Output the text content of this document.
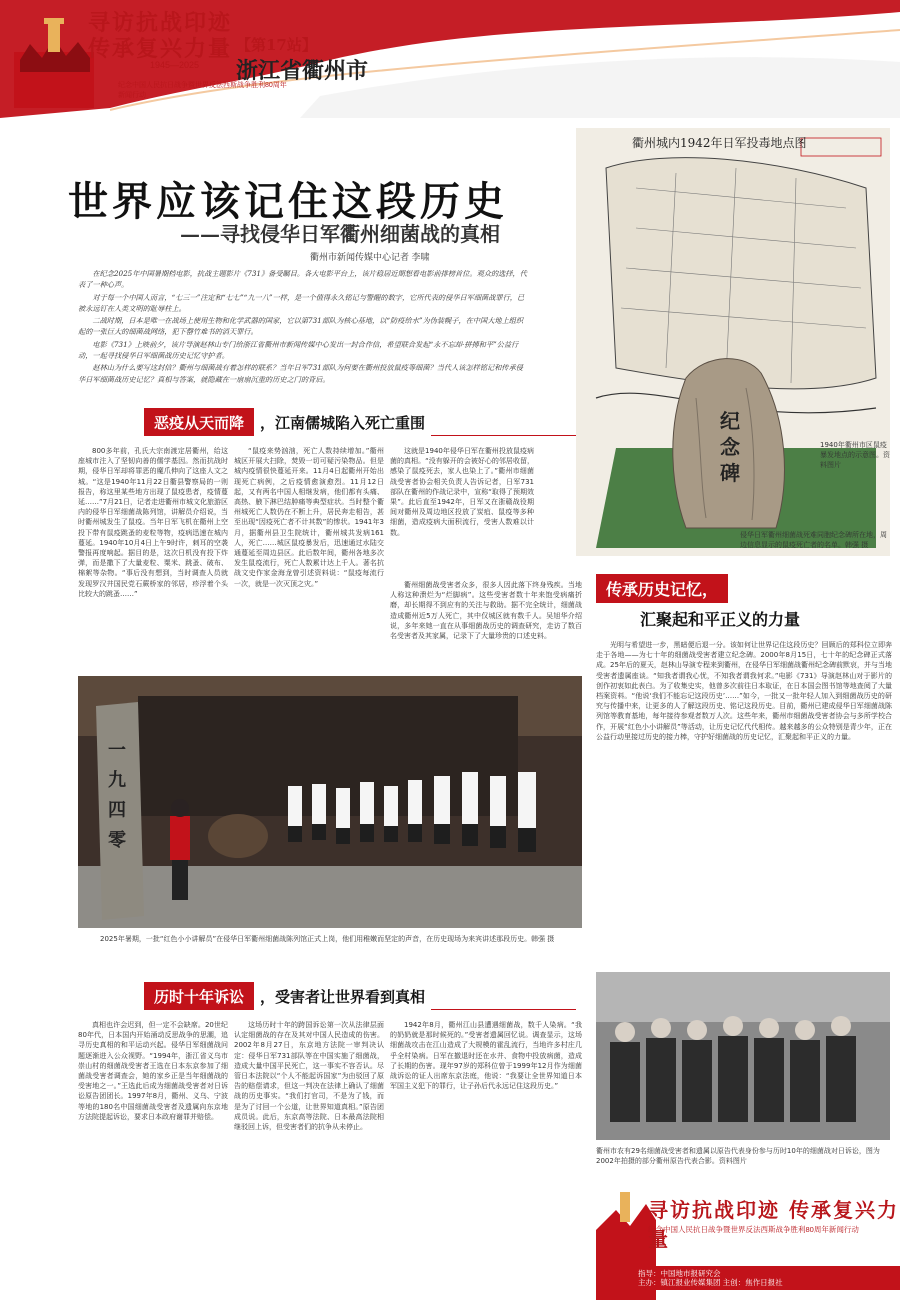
寻访抗战印迹
传承复兴力量
1945—2025
纪念中国人民抗日战争暨世界反法西斯战争胜利80周年新闻行动
【第17站】
浙江省衢州市
世界应该记住这段历史
——寻找侵华日军衢州细菌战的真相
衢州市新闻传媒中心记者 李啸

在纪念2025年中国暑期档电影，抗战主题影片《731》备受瞩目。各大电影平台上，该片稳居近期想看电影前排榜首位。观众的选择，代表了一种心声。

对于每一个中国人而言，“七三一”注定和“七七”“九一八”一样，是一个值得永久铭记与警醒的数字，它所代表的侵华日军细菌战罪行，已被永远钉在人类文明的耻辱柱上。

二战时期，日本是唯一在战场上使用生物和化学武器的国家，它以第731部队为核心基地，以“防疫给水”为伪装幌子，在中国大地上组织起的一张巨大的细菌战网络，犯下罄竹难书的滔天罪行。

电影《731》上映前夕，该片导演赵林山专门给浙江省衢州市新闻传媒中心发出一封合作信，希望联合发起“永不忘却·拼搏和平”公益行动，一起寻找侵华日军细菌战历史记忆守护者。

赵林山为什么要写这封信？衢州与细菌战有着怎样的联系？当年日军731部队为何要在衢州投放鼠疫等细菌？当代人该怎样铭记和传承侵华日军细菌战历史记忆？真相与答案，就隐藏在一扇扇沉重的历史之门的背后。

衢州城内1942年日军投毒地点图
纪念碑
1940年衢州市区鼠疫暴发地点的示意图。资料图片
侵华日军衢州细菌战死难同胞纪念碑所在地，周边信息显示的鼠疫死亡者的名单。韩强 摄
恶疫从天而降	，江南儒城陷入死亡重围

800多年前，孔氏大宗南渡定居衢州，给这座城市注入了坚韧向善的儒学基因。然而抗战时期，侵华日军却将罪恶的魔爪伸向了这座人文之城。“这是1940年11月22日衢县警察局的一则报告，称这里某些地方出现了鼠疫患者，疫情蔓延……”7月21日，记者走进衢州市城文化旅游区内的侵华日军细菌战陈列馆，讲解员介绍说，当时衢州城发生了鼠疫。当年日军飞机在衢州上空投下带有鼠疫跳蚤的麦粒等物，疫病迅速在城内蔓延。1940年10月4日上午9时许，刺耳的空袭警报再度响起。据目的是，这次日机没有投下炸弹，而是撒下了大量麦粒、粟米、跳蚤、破布、棉絮等杂物。“事后没有想到，当时调查人员就发现罗汉井国民党石蕨桥家的邻居，疹浮着个头比较大的跳蚤……”

“鼠疫来势汹汹，死亡人数持续增加。”衢州城区开展大扫除，焚毁一切可疑污染物品。但是城内疫情很快蔓延开来。11月4日起衢州开始出现死亡病例，之后疫情愈演愈烈。11月12日起，又有两名中国人相继发病，他们都有头痛、高热、腋下淋巴结肿痛等典型症状。当时整个衢州城死亡人数仍在不断上升，居民奔走相告，甚至出现“因疫死亡者不计其数”的惨状。1941年3月，据衢州县卫生院统计，衢州城共发病161人，死亡……城区鼠疫暴发后，迅速通过水陆交通蔓延至周边县区。此后数年间，衢州各地多次发生鼠疫流行，死亡人数累计达上千人。著名抗战文史作家金海龙曾引述资料说：“鼠疫每流行一次，就是一次灭顶之灾。”

这就是1940年侵华日军在衢州投放鼠疫病菌的真相。“没有躲开的会被好心的邻居收留，感染了鼠疫死去，家人也染上了。”衢州市细菌战受害者协会相关负责人告诉记者，日军731部队在衢州的作战记录中，宣称“取得了预期效果”。此后直至1942年，日军又在浙赣战役期间对衢州及周边地区投放了炭疽、鼠疫等多种细菌，造成疫病大面积流行，受害人数难以计数。

衢州细菌战受害者众多，很多人因此落下终身残疾。当地人称这种溃烂为“烂脚病”。这些受害者数十年来饱受病痛折磨，却长期得不到应有的关注与救助。据不完全统计，细菌战造成衢州近5万人死亡，其中仅城区就有数千人。吴旭华介绍说，多年来她一直在从事细菌战历史的调查研究，走访了数百名受害者及其家属，记录下了大量珍贵的口述史料。

传承历史记忆，
汇聚起和平正义的力量

光明与希望进一步，黑暗便后退一分。该如何让世界记住这段历史？回顾后的郑科位立即奔走于各地——为七十年的细菌战受害者建立纪念碑。2000年8月15日，七十年的纪念碑正式落成。25年后的夏天，赵林山导演专程来到衢州，在侵华日军细菌战衢州纪念碑前默哀，并与当地受害者遗属座谈。“知我者谓我心忧，不知我者谓我何求。”电影《731》导演赵林山对于影片的创作初衷如此表白。为了收集史实，他曾多次前往日本取证，在日本国会图书馆等地查阅了大量档案资料。“他说‘我们不能忘记这段历史’……”如今，一批又一批年轻人加入到细菌战历史的研究与传播中来，让更多的人了解这段历史、铭记这段历史。目前，衢州已建成侵华日军细菌战陈列馆等教育基地，每年接待参观者数万人次。这些年来，衢州市细菌战受害者协会与多所学校合作，开展“红色小小讲解员”等活动，让历史记忆代代相传。越来越多的公众特别是青少年，正在公益行动里接过历史的接力棒，守护好细菌战的历史记忆，汇聚起和平正义的力量。

一九四零
2025年暑期，一批“红色小小讲解员”在侵华日军衢州细菌战陈列馆正式上岗，他们用稚嫩而坚定的声音，在历史现场为来宾讲述那段历史。韩强 摄
历时十年诉讼	，受害者让世界看到真相

真相也许会迟到，但一定不会缺席。20世纪80年代，日本国内开始涌动反思战争的思潮，追寻历史真相的和平运动兴起。侵华日军细菌战问题逐渐进入公众视野。“1994年，浙江省义乌市崇山村的细菌战受害者王选在日本东京参加了细菌战受害者调查会，她的家乡正是当年细菌战的受害地之一。”王选此后成为细菌战受害者对日诉讼原告团团长。1997年8月，衢州、义乌、宁波等地的180名中国细菌战受害者及遗属向东京地方法院提起诉讼，要求日本政府谢罪并赔偿。

这场历时十年的跨国诉讼第一次从法律层面认定细菌战的存在及其对中国人民造成的伤害。2002年8月27日，东京地方法院一审判决认定：侵华日军731部队等在中国实施了细菌战，造成大量中国平民死亡，这一事实不容否认。尽管日本法院以“个人不能起诉国家”为由驳回了原告的赔偿请求，但这一判决在法律上确认了细菌战的历史事实。“我们打官司，不是为了钱，而是为了讨回一个公道，让世界知道真相。”原告团成员说。此后，东京高等法院、日本最高法院相继驳回上诉，但受害者们的抗争从未停止。

1942年8月，衢州江山县遭遇细菌战，数千人染病。“我的奶奶就是那时候死的。”受害者遗属回忆说。调查显示，这场细菌战攻击在江山造成了大规模的霍乱流行，当地许多村庄几乎全村染病。日军在撤退时还在水井、食物中投放病菌，造成了长期的伤害。现年97岁的郑科位曾于1999年12月作为细菌战诉讼的证人出席东京法庭，他说：“我要让全世界知道日本军国主义犯下的罪行，让子孙后代永远记住这段历史。”

衢州市农有29名细菌战受害者和遗属以原告代表身份参与历时10年的细菌战对日诉讼，图为2002年拍摄的部分衢州原告代表合影。资料图片
寻访抗战印迹 传承复兴力量
纪念中国人民抗日战争暨世界反法西斯战争胜利80周年新闻行动
指导：中国地市报研究会
主办：镇江报业传媒集团 主创：焦作日报社
